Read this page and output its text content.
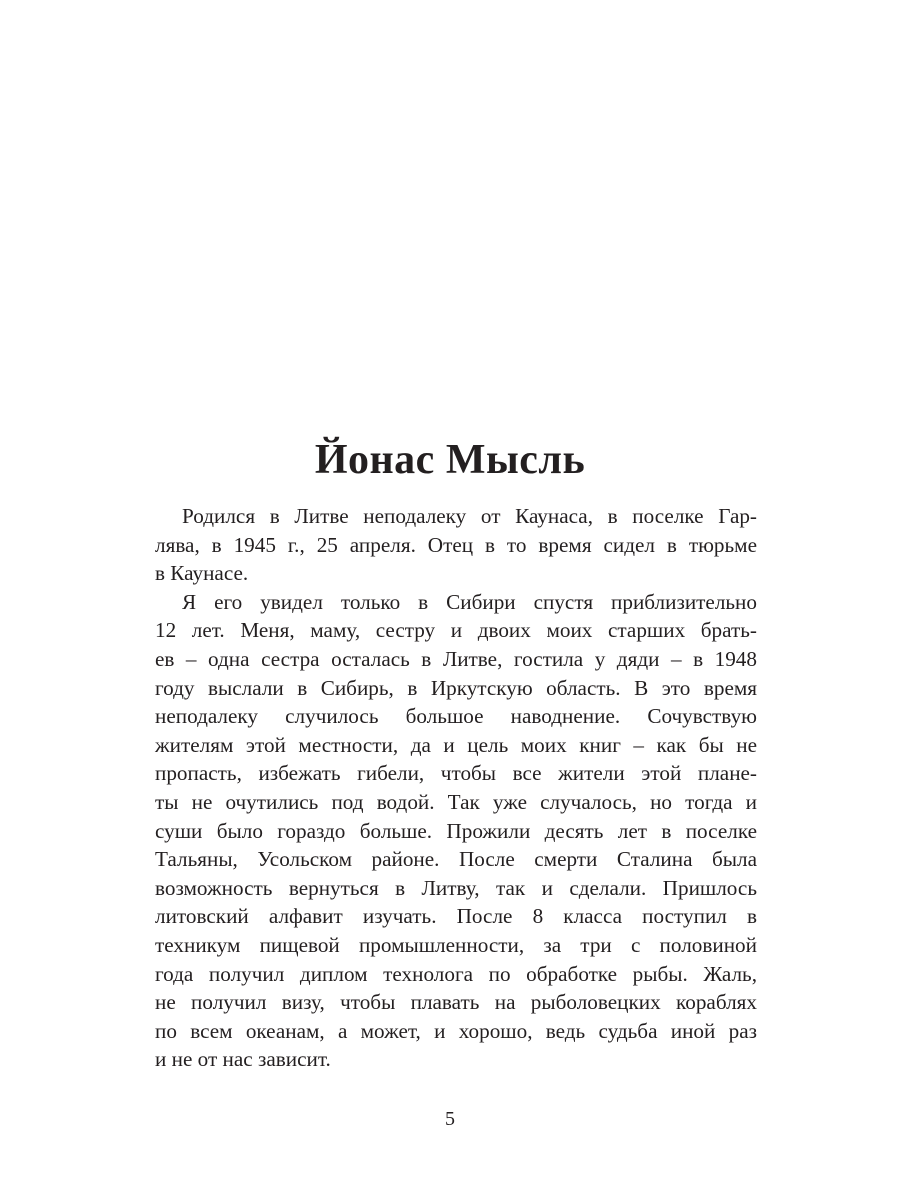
Йонас Мысль

Родился в Литве неподалеку от Каунаса, в поселке Гар-
лява, в 1945 г., 25 апреля. Отец в то время сидел в тюрьме
в Каунасе.

Я его увидел только в Сибири спустя приблизительно
12 лет. Меня, маму, сестру и двоих моих старших брать-
ев – одна сестра осталась в Литве, гостила у дяди – в 1948
году выслали в Сибирь, в Иркутскую область. В это время
неподалеку случилось большое наводнение. Сочувствую
жителям этой местности, да и цель моих книг – как бы не
пропасть, избежать гибели, чтобы все жители этой плане-
ты не очутились под водой. Так уже случалось, но тогда и
суши было гораздо больше. Прожили десять лет в поселке
Тальяны, Усольском районе. После смерти Сталина была
возможность вернуться в Литву, так и сделали. Пришлось
литовский алфавит изучать. После 8 класса поступил в
техникум пищевой промышленности, за три с половиной
года получил диплом технолога по обработке рыбы. Жаль,
не получил визу, чтобы плавать на рыболовецких кораблях
по всем океанам, а может, и хорошо, ведь судьба иной раз
и не от нас зависит.

5
